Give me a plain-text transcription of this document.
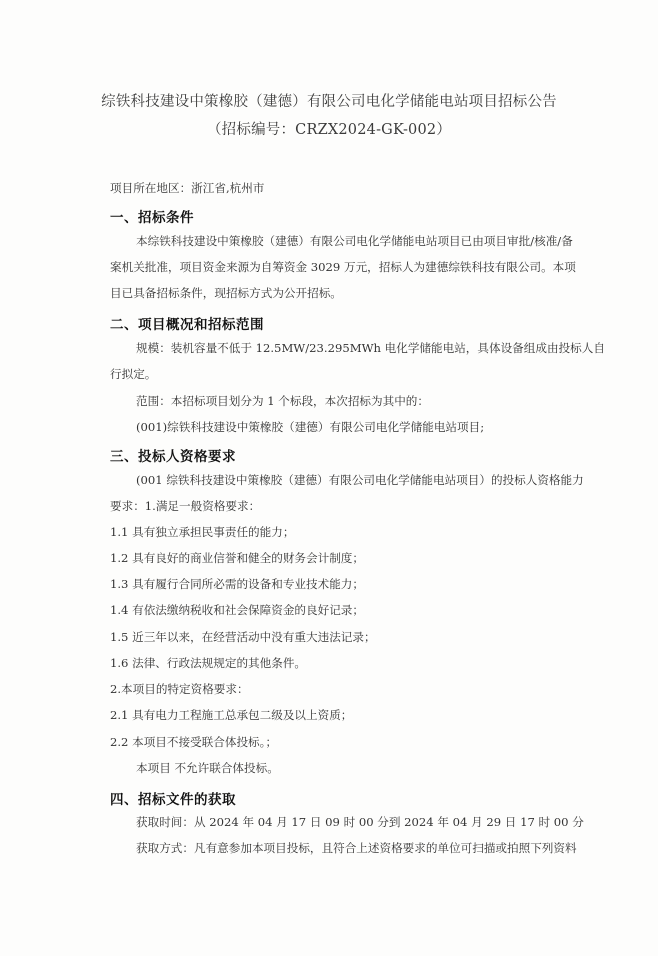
综铁科技建设中策橡胶（建德）有限公司电化学储能电站项目招标公告
（招标编号：CRZX2024-GK-002）
项目所在地区：浙江省,杭州市
一、招标条件
本综铁科技建设中策橡胶（建德）有限公司电化学储能电站项目已由项目审批/核准/备
案机关批准，项目资金来源为自筹资金 3029 万元，招标人为建德综铁科技有限公司。本项
目已具备招标条件，现招标方式为公开招标。
二、项目概况和招标范围
规模：装机容量不低于 12.5MW/23.295MWh 电化学储能电站，具体设备组成由投标人自
行拟定。
范围：本招标项目划分为 1 个标段，本次招标为其中的：
(001)综铁科技建设中策橡胶（建德）有限公司电化学储能电站项目;
三、投标人资格要求
(001 综铁科技建设中策橡胶（建德）有限公司电化学储能电站项目）的投标人资格能力
要求：1.满足一般资格要求：
1.1 具有独立承担民事责任的能力；
1.2 具有良好的商业信誉和健全的财务会计制度；
1.3 具有履行合同所必需的设备和专业技术能力；
1.4 有依法缴纳税收和社会保障资金的良好记录；
1.5 近三年以来，在经营活动中没有重大违法记录；
1.6 法律、行政法规规定的其他条件。
2.本项目的特定资格要求：
2.1 具有电力工程施工总承包二级及以上资质；
2.2 本项目不接受联合体投标。；
本项目 不允许联合体投标。
四、招标文件的获取
获取时间：从 2024 年 04 月 17 日 09 时 00 分到 2024 年 04 月 29 日 17 时 00 分
获取方式：凡有意参加本项目投标，且符合上述资格要求的单位可扫描或拍照下列资料
